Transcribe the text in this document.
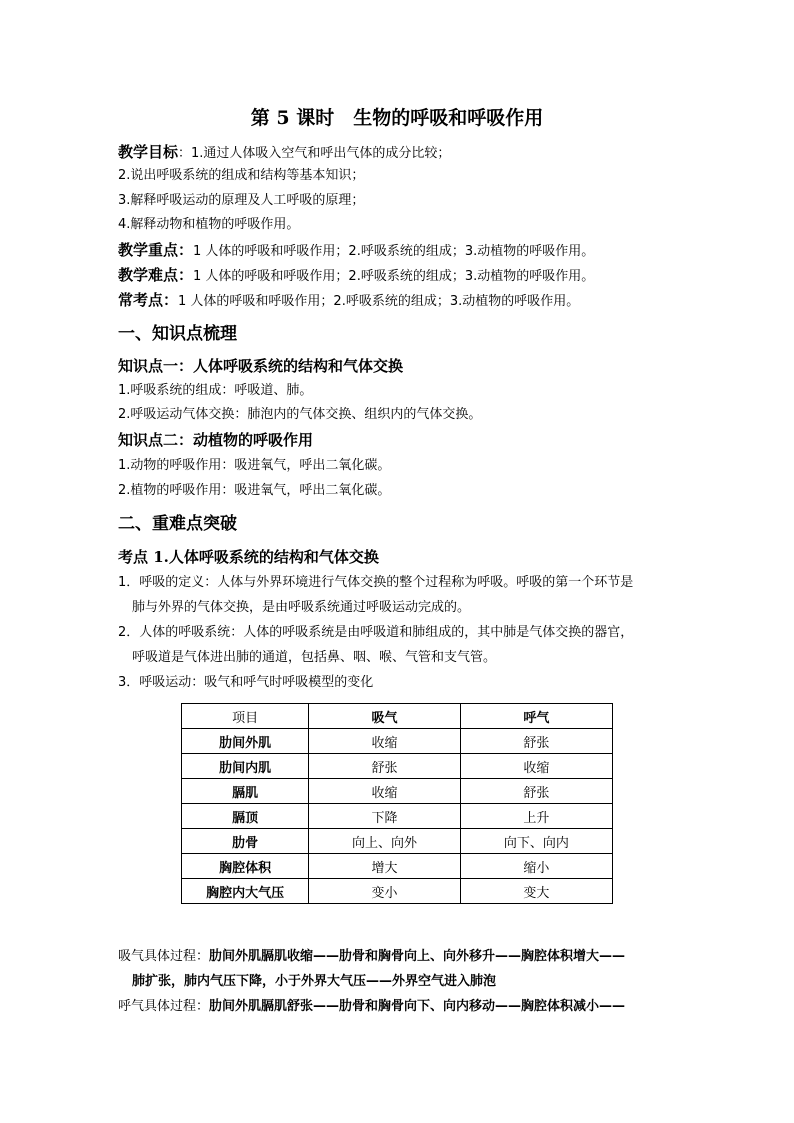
第 5 课时　生物的呼吸和呼吸作用
教学目标：1.通过人体吸入空气和呼出气体的成分比较；
2.说出呼吸系统的组成和结构等基本知识；
3.解释呼吸运动的原理及人工呼吸的原理；
4.解释动物和植物的呼吸作用。
教学重点：1 人体的呼吸和呼吸作用；2.呼吸系统的组成；3.动植物的呼吸作用。
教学难点：1 人体的呼吸和呼吸作用；2.呼吸系统的组成；3.动植物的呼吸作用。
常考点：1 人体的呼吸和呼吸作用；2.呼吸系统的组成；3.动植物的呼吸作用。
一、知识点梳理
知识点一：人体呼吸系统的结构和气体交换
1.呼吸系统的组成：呼吸道、肺。
2.呼吸运动气体交换：肺泡内的气体交换、组织内的气体交换。
知识点二：动植物的呼吸作用
1.动物的呼吸作用：吸进氧气，呼出二氧化碳。
2.植物的呼吸作用：吸进氧气，呼出二氧化碳。
二、重难点突破
考点 1.人体呼吸系统的结构和气体交换
1．呼吸的定义：人体与外界环境进行气体交换的整个过程称为呼吸。呼吸的第一个环节是
肺与外界的气体交换，是由呼吸系统通过呼吸运动完成的。
2．人体的呼吸系统：人体的呼吸系统是由呼吸道和肺组成的，其中肺是气体交换的器官，
呼吸道是气体进出肺的通道，包括鼻、咽、喉、气管和支气管。
3．呼吸运动：吸气和呼气时呼吸模型的变化
项目	吸气	呼气
肋间外肌	收缩	舒张
肋间内肌	舒张	收缩
膈肌	收缩	舒张
膈顶	下降	上升
肋骨	向上、向外	向下、向内
胸腔体积	增大	缩小
胸腔内大气压	变小	变大
吸气具体过程：肋间外肌膈肌收缩——肋骨和胸骨向上、向外移升——胸腔体积增大——
肺扩张，肺内气压下降，小于外界大气压——外界空气进入肺泡
呼气具体过程：肋间外肌膈肌舒张——肋骨和胸骨向下、向内移动——胸腔体积减小——
